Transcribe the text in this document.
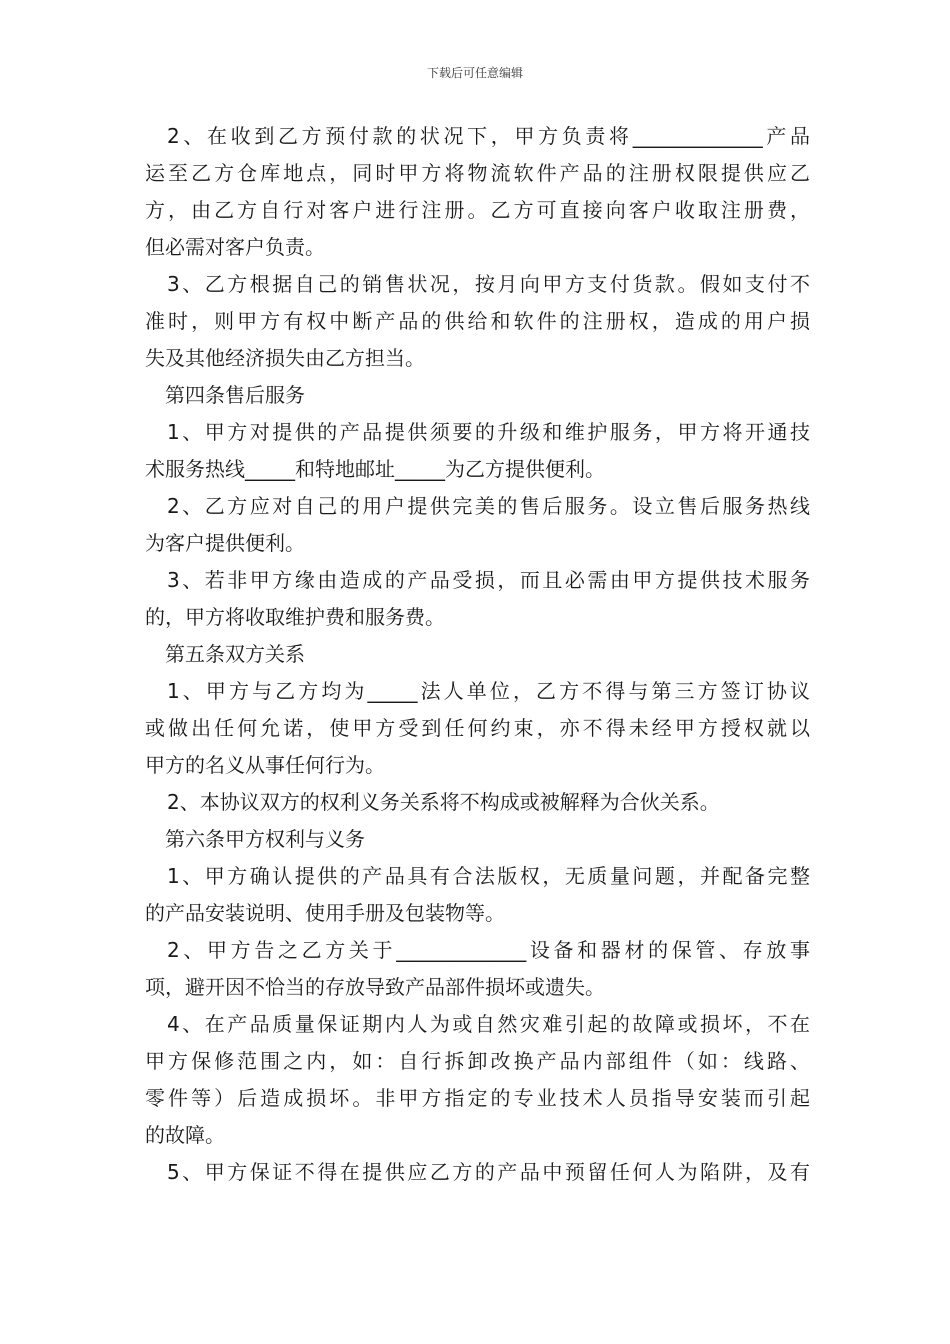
下载后可任意编辑
2、在收到乙方预付款的状况下，甲方负责将_____________产品
运至乙方仓库地点，同时甲方将物流软件产品的注册权限提供应乙
方，由乙方自行对客户进行注册。乙方可直接向客户收取注册费，
但必需对客户负责。
3、乙方根据自己的销售状况，按月向甲方支付货款。假如支付不
准时，则甲方有权中断产品的供给和软件的注册权，造成的用户损
失及其他经济损失由乙方担当。
第四条售后服务
1、甲方对提供的产品提供须要的升级和维护服务，甲方将开通技
术服务热线_____和特地邮址_____为乙方提供便利。
2、乙方应对自己的用户提供完美的售后服务。设立售后服务热线
为客户提供便利。
3、若非甲方缘由造成的产品受损，而且必需由甲方提供技术服务
的，甲方将收取维护费和服务费。
第五条双方关系
1、甲方与乙方均为_____法人单位，乙方不得与第三方签订协议
或做出任何允诺，使甲方受到任何约束，亦不得未经甲方授权就以
甲方的名义从事任何行为。
2、本协议双方的权利义务关系将不构成或被解释为合伙关系。
第六条甲方权利与义务
1、甲方确认提供的产品具有合法版权，无质量问题，并配备完整
的产品安装说明、使用手册及包装物等。
2、甲方告之乙方关于_____________设备和器材的保管、存放事
项，避开因不恰当的存放导致产品部件损坏或遗失。
4、在产品质量保证期内人为或自然灾难引起的故障或损坏，不在
甲方保修范围之内，如：自行拆卸改换产品内部组件（如：线路、
零件等）后造成损坏。非甲方指定的专业技术人员指导安装而引起
的故障。
5、甲方保证不得在提供应乙方的产品中预留任何人为陷阱，及有
